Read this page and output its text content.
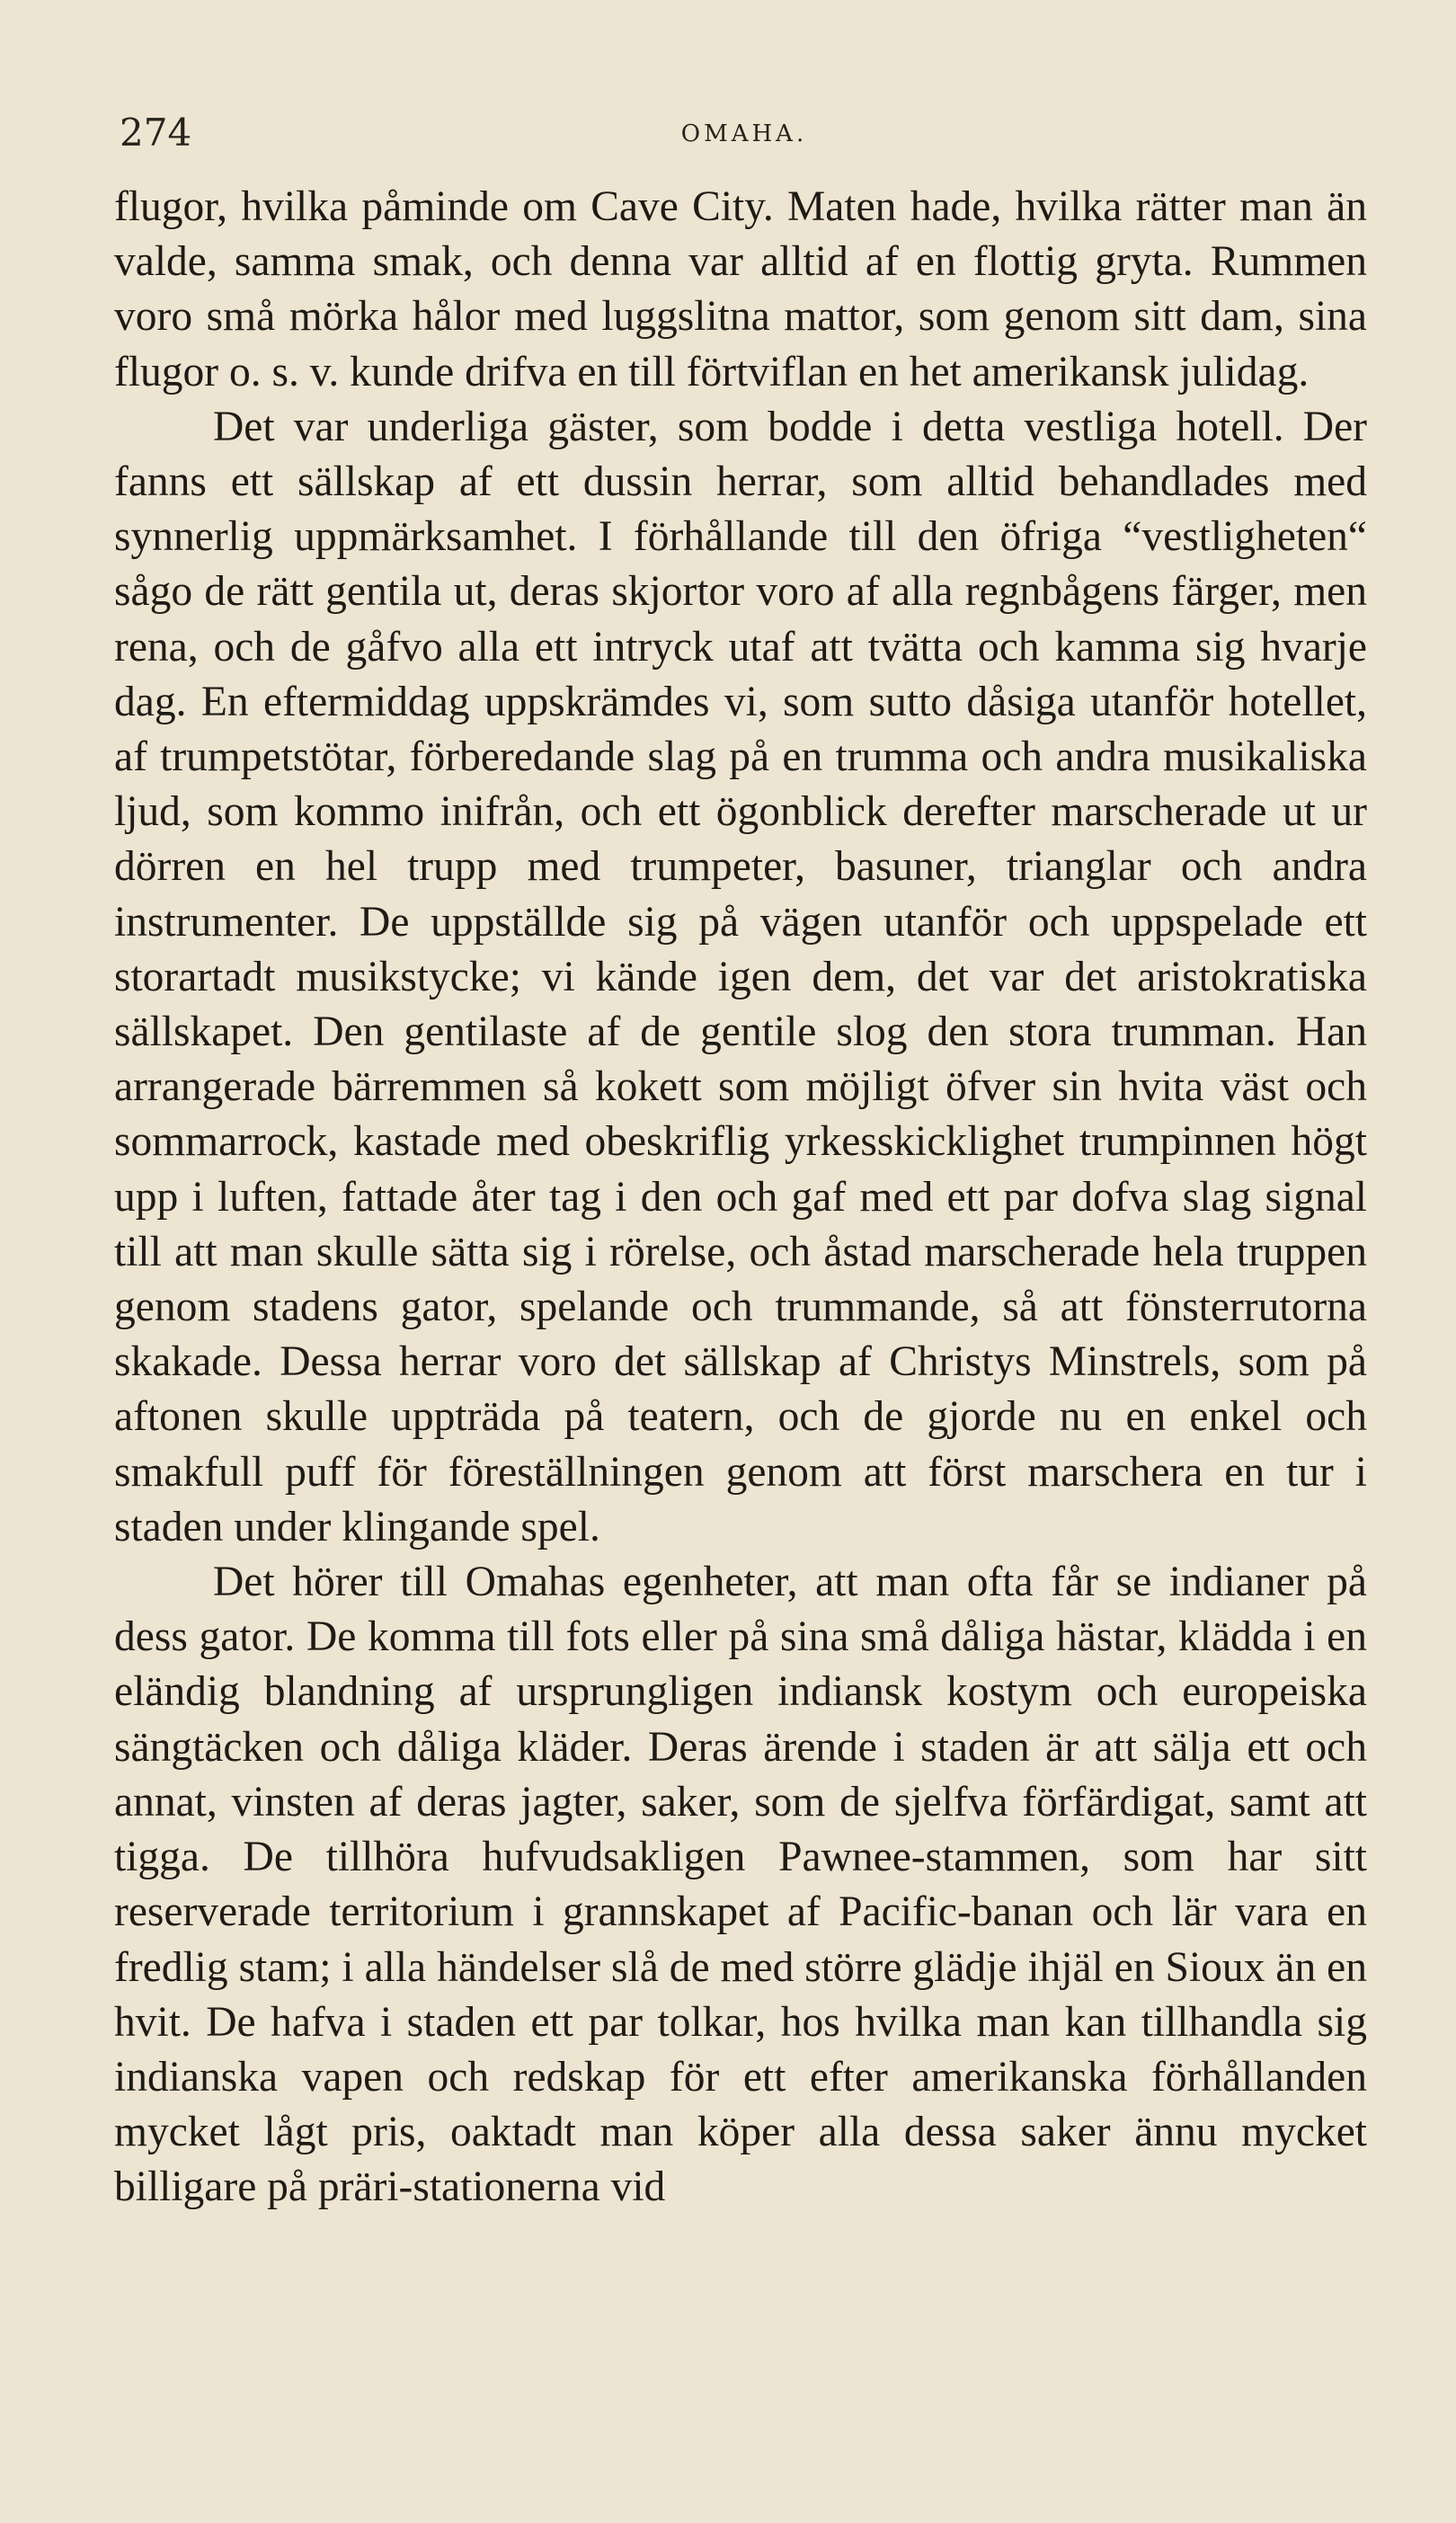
274	OMAHA.

flugor, hvilka påminde om Cave City. Maten hade, hvilka rätter man än valde, samma smak, och denna var alltid af en flottig gryta. Rummen voro små mörka hålor med luggslitna mattor, som genom sitt dam, sina flugor o. s. v. kunde drifva en till förtviflan en het amerikansk julidag.

Det var underliga gäster, som bodde i detta vestliga hotell. Der fanns ett sällskap af ett dussin herrar, som alltid behandlades med synnerlig uppmärksamhet. I förhållande till den öfriga “vestligheten“ sågo de rätt gentila ut, deras skjortor voro af alla regnbågens färger, men rena, och de gåfvo alla ett intryck utaf att tvätta och kamma sig hvarje dag. En eftermiddag uppskrämdes vi, som sutto dåsiga utanför hotellet, af trumpetstötar, förberedande slag på en trumma och andra musikaliska ljud, som kommo inifrån, och ett ögonblick derefter marscherade ut ur dörren en hel trupp med trumpeter, basuner, trianglar och andra instrumenter. De uppställde sig på vägen utanför och uppspelade ett storartadt musikstycke; vi kände igen dem, det var det aristokratiska sällskapet. Den gentilaste af de gentile slog den stora trumman. Han arrangerade bärremmen så kokett som möjligt öfver sin hvita väst och sommarrock, kastade med obeskriflig yrkesskicklighet trumpinnen högt upp i luften, fattade åter tag i den och gaf med ett par dofva slag signal till att man skulle sätta sig i rörelse, och åstad marscherade hela truppen genom stadens gator, spelande och trummande, så att fönsterrutorna skakade. Dessa herrar voro det sällskap af Christys Minstrels, som på aftonen skulle uppträda på teatern, och de gjorde nu en enkel och smakfull puff för föreställningen genom att först marschera en tur i staden under klingande spel.

Det hörer till Omahas egenheter, att man ofta får se indianer på dess gator. De komma till fots eller på sina små dåliga hästar, klädda i en eländig blandning af ursprungligen indiansk kostym och europeiska sängtäcken och dåliga kläder. Deras ärende i staden är att sälja ett och annat, vinsten af deras jagter, saker, som de sjelfva förfärdigat, samt att tigga. De tillhöra hufvudsakligen Pawnee-stammen, som har sitt reserverade territorium i grannskapet af Pacific-banan och lär vara en fredlig stam; i alla händelser slå de med större glädje ihjäl en Sioux än en hvit. De hafva i staden ett par tolkar, hos hvilka man kan tillhandla sig indianska vapen och redskap för ett efter amerikanska förhållanden mycket lågt pris, oaktadt man köper alla dessa saker ännu mycket billigare på präri-stationerna vid
